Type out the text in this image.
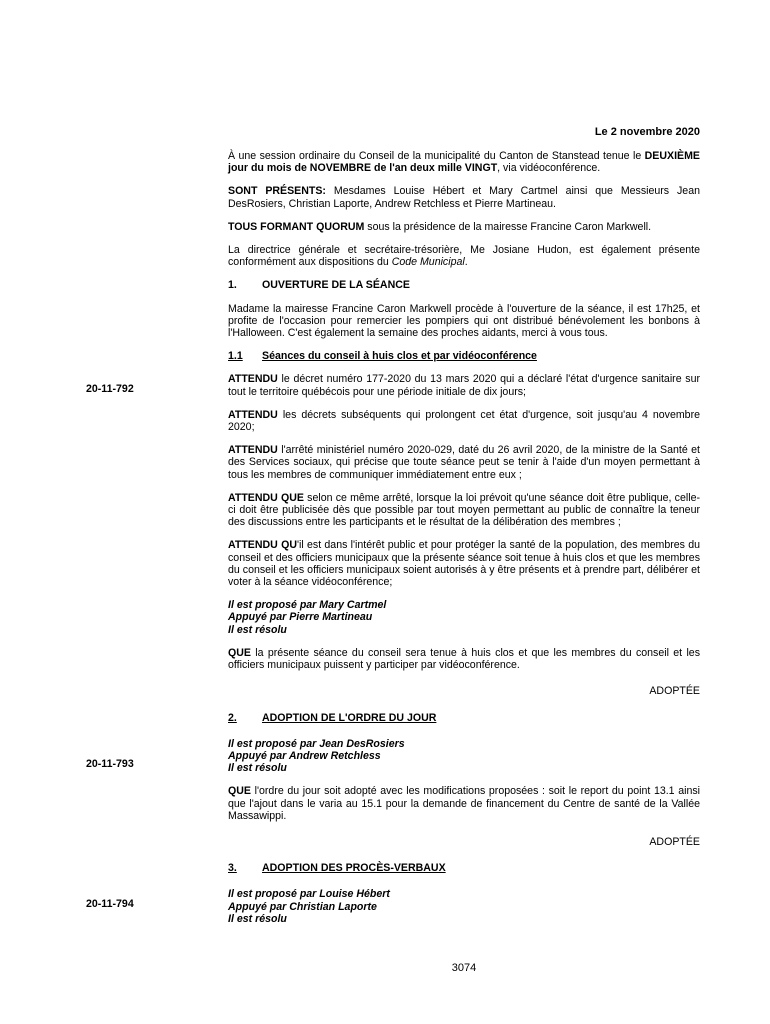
Le 2 novembre 2020
20-11-792
20-11-793
20-11-794

À une session ordinaire du Conseil de la municipalité du Canton de Stanstead tenue le DEUXIÈME jour du mois de NOVEMBRE de l'an deux mille VINGT, via vidéoconférence.

SONT PRÉSENTS: Mesdames Louise Hébert et Mary Cartmel ainsi que Messieurs Jean DesRosiers, Christian Laporte, Andrew Retchless et Pierre Martineau.

TOUS FORMANT QUORUM sous la présidence de la mairesse Francine Caron Markwell.

La directrice générale et secrétaire-trésorière, Me Josiane Hudon, est également présente conformément aux dispositions du Code Municipal.

1.	OUVERTURE DE LA SÉANCE

Madame la mairesse Francine Caron Markwell procède à l'ouverture de la séance, il est 17h25, et profite de l'occasion pour remercier les pompiers qui ont distribué bénévolement les bonbons à l'Halloween. C'est également la semaine des proches aidants, merci à vous tous.

1.1	Séances du conseil à huis clos et par vidéoconférence

ATTENDU le décret numéro 177-2020 du 13 mars 2020 qui a déclaré l'état d'urgence sanitaire sur tout le territoire québécois pour une période initiale de dix jours;

ATTENDU les décrets subséquents qui prolongent cet état d'urgence, soit jusqu'au 4 novembre 2020;

ATTENDU l'arrêté ministériel numéro 2020-029, daté du 26 avril 2020, de la ministre de la Santé et des Services sociaux, qui précise que toute séance peut se tenir à l'aide d'un moyen permettant à tous les membres de communiquer immédiatement entre eux ;

ATTENDU QUE selon ce même arrêté, lorsque la loi prévoit qu'une séance doit être publique, celle-ci doit être publicisée dès que possible par tout moyen permettant au public de connaître la teneur des discussions entre les participants et le résultat de la délibération des membres ;

ATTENDU QU'il est dans l'intérêt public et pour protéger la santé de la population, des membres du conseil et des officiers municipaux que la présente séance soit tenue à huis clos et que les membres du conseil et les officiers municipaux soient autorisés à y être présents et à prendre part, délibérer et voter à la séance vidéoconférence;

Il est proposé par Mary Cartmel

Appuyé par Pierre Martineau

Il est résolu

QUE la présente séance du conseil sera tenue à huis clos et que les membres du conseil et les officiers municipaux puissent y participer par vidéoconférence.

ADOPTÉE

2.	ADOPTION DE L'ORDRE DU JOUR

Il est proposé par Jean DesRosiers

Appuyé par Andrew Retchless

Il est résolu

QUE l'ordre du jour soit adopté avec les modifications proposées : soit le report du point 13.1 ainsi que l'ajout dans le varia au 15.1 pour la demande de financement du Centre de santé de la Vallée Massawippi.

ADOPTÉE

3.	ADOPTION DES PROCÈS-VERBAUX

Il est proposé par Louise Hébert

Appuyé par Christian Laporte

Il est résolu

3074
